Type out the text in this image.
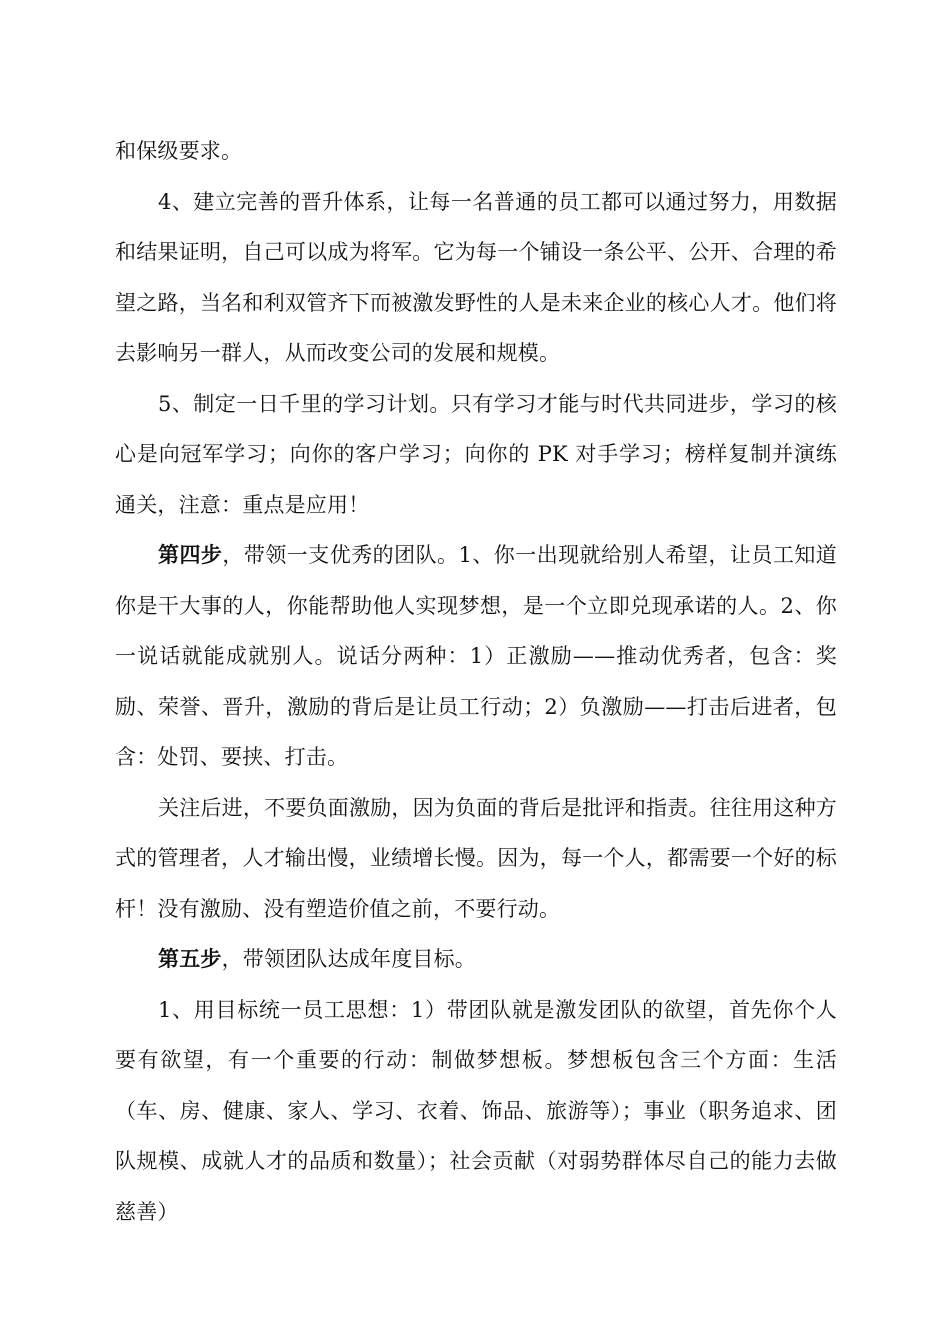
和保级要求。

4、建立完善的晋升体系，让每一名普通的员工都可以通过努力，用数据和结果证明，自己可以成为将军。它为每一个铺设一条公平、公开、合理的希望之路，当名和利双管齐下而被激发野性的人是未来企业的核心人才。他们将去影响另一群人，从而改变公司的发展和规模。

5、制定一日千里的学习计划。只有学习才能与时代共同进步，学习的核心是向冠军学习；向你的客户学习；向你的 PK 对手学习；榜样复制并演练通关，注意：重点是应用！

第四步，带领一支优秀的团队。1、你一出现就给别人希望，让员工知道你是干大事的人，你能帮助他人实现梦想，是一个立即兑现承诺的人。2、你一说话就能成就别人。说话分两种：1）正激励——推动优秀者，包含：奖励、荣誉、晋升，激励的背后是让员工行动；2）负激励——打击后进者，包含：处罚、要挟、打击。

关注后进，不要负面激励，因为负面的背后是批评和指责。往往用这种方式的管理者，人才输出慢，业绩增长慢。因为，每一个人，都需要一个好的标杆！没有激励、没有塑造价值之前，不要行动。

第五步，带领团队达成年度目标。

1、用目标统一员工思想：1）带团队就是激发团队的欲望，首先你个人要有欲望，有一个重要的行动：制做梦想板。梦想板包含三个方面：生活（车、房、健康、家人、学习、衣着、饰品、旅游等）；事业（职务追求、团队规模、成就人才的品质和数量）；社会贡献（对弱势群体尽自己的能力去做慈善）
